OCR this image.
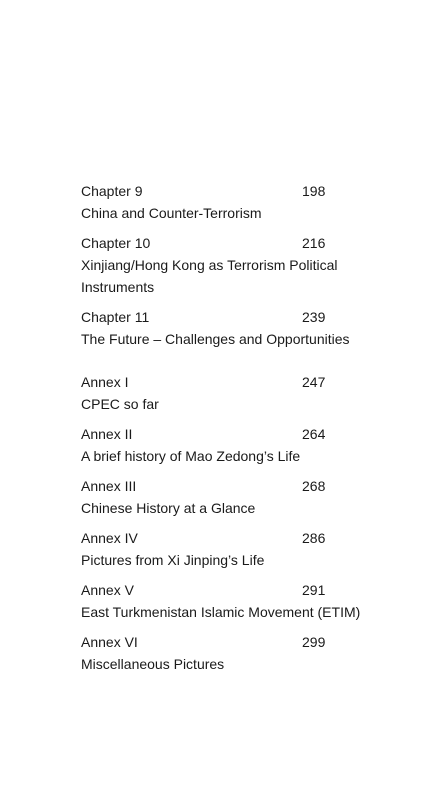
Chapter 9	198
China and Counter-Terrorism
Chapter 10	216
Xinjiang/Hong Kong as Terrorism Political Instruments
Chapter 11	239
The Future – Challenges and Opportunities
Annex I	247
CPEC so far
Annex II	264
A brief history of Mao Zedong’s Life
Annex III	268
Chinese History at a Glance
Annex IV	286
Pictures from Xi Jinping’s Life
Annex V	291
East Turkmenistan Islamic Movement (ETIM)
Annex VI	299
Miscellaneous Pictures
